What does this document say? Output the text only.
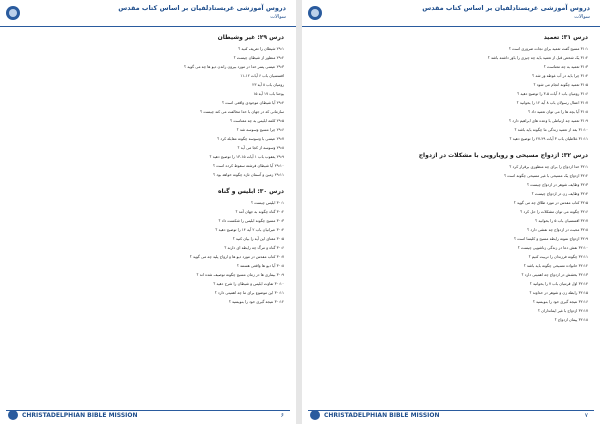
دروس آموزشی غریستادلفیان بر اساس کتاب مقدس
سوالات
درس ۲۹: غیر وشیطان
۲۹:۱ شیطان را تعریف کنید ؟
۲۹:۲ منظور از شیطان چیست ؟
۲۹:۳ عیسی پسر خدا در مورد بیرون راندن دیو ها چه می گوید ؟
افسسیان باب ۶ آیات ۱۲-۱۱
رومیان باب ۸ آیه ۲۳
یوحنا باب ۱۷ آیه ۱۵
۲۹:۴ آیا شیطان موجودی واقعی است ؟
سازمانی که در جهان با خدا مخالفت می کند چیست ؟
۲۹:۵ کلمه ابلیس به چه معناست ؟
۲۹:۶ چرا مسیح وسوسه شد ؟
۲۹:۷ عیسی با وسوسه چگونه مقابله کرد ؟
۲۹:۸ وسوسه از کجا می آید ؟
۲۹:۹ یعقوب باب ۱ آیات ۱۵-۱۳ را توضیح دهید ؟
۲۹:۱۰ آیا شیطان فرشته سقوط کرده است ؟
۲۹:۱۱ زمین و آسمان تازه چگونه خواهد بود ؟
درس ۳۰: ابلیس و گناه
۳۰:۱ ابلیس چیست ؟
۳۰:۲ گناه چگونه به جهان آمد ؟
۳۰:۳ مسیح چگونه ابلیس را شکست داد ؟
۳۰:۴ عبرانیان باب ۲ آیه ۱۴ را توضیح دهید ؟
۳۰:۵ معنای این آیه را بیان کنید ؟
۳۰:۶ گناه و مرگ چه رابطه ای دارند ؟
۳۰:۷ کتاب مقدس در مورد دیو ها و ارواح پلید چه می گوید ؟
۳۰:۸ آیا دیو ها واقعی هستند ؟
۳۰:۹ بیماری ها در زمان مسیح چگونه توصیف شده اند ؟
۳۰:۱۰ تفاوت ابلیس و شیطان را شرح دهید ؟
۳۰:۱۱ این موضوع برای ما چه اهمیتی دارد ؟
۳۰:۱۲ نتیجه گیری خود را بنویسید ؟
CHRISTADELPHIAN BIBLE MISSION	۶
دروس آموزشی غریستادلفیان بر اساس کتاب مقدس
سوالات
درس ۳۱: تعمید
۳۱:۱ مسیح گفت تعمید برای نجات ضروری است ؟
۳۱:۲ یک شخص قبل از تعمید باید چه چیزی را باور داشته باشد ؟
۳۱:۳ تعمید به چه معناست ؟
۳۱:۴ چرا باید در آب غوطه ور شد ؟
۳۱:۵ تعمید چگونه انجام می شود ؟
۳۱:۶ رومیان باب ۶ آیات ۵-۳ را توضیح دهید ؟
۳۱:۷ اعمال رسولان باب ۸ آیه ۱۲ را بخوانید ؟
۳۱:۸ آیا بچه ها را می توان تعمید داد ؟
۳۱:۹ تعمید چه ارتباطی با وعده های ابراهیم دارد ؟
۳۱:۱۰ بعد از تعمید زندگی ما چگونه باید باشد ؟
۳۱:۱۱ غلاطیان باب ۳ آیات ۲۹-۲۷ را توضیح دهید ؟
درس ۳۲: ازدواج مسیحی و رویارویی با مشکلات در ازدواج
۳۲:۱ خدا ازدواج را برای چه منظوری برقرار کرد ؟
۳۲:۲ ازدواج یک مسیحی با غیر مسیحی چگونه است ؟
۳۲:۳ وظایف شوهر در ازدواج چیست ؟
۳۲:۴ وظایف زن در ازدواج چیست ؟
۳۲:۵ کتاب مقدس در مورد طلاق چه می گوید ؟
۳۲:۶ چگونه می توان مشکلات را حل کرد ؟
۳۲:۷ افسسیان باب ۵ را بخوانید ؟
۳۲:۸ محبت در ازدواج چه نقشی دارد ؟
۳۲:۹ ازدواج نمونه رابطه مسیح و کلیسا است ؟
۳۲:۱۰ نقش دعا در زندگی زناشویی چیست ؟
۳۲:۱۱ چگونه فرزندان را تربیت کنیم ؟
۳۲:۱۲ خانواده مسیحی چگونه باید باشد ؟
۳۲:۱۳ بخشش در ازدواج چه اهمیتی دارد ؟
۳۲:۱۴ اول قرنتیان باب ۷ را بخوانید ؟
۳۲:۱۵ رابطه زن و شوهر در خداوند ؟
۳۲:۱۶ نتیجه گیری خود را بنویسید ؟
۳۲:۱۷ ازدواج با غیر ایمانداران ؟
۳۲:۱۸ پیمان ازدواج ؟
CHRISTADELPHIAN BIBLE MISSION	۷
